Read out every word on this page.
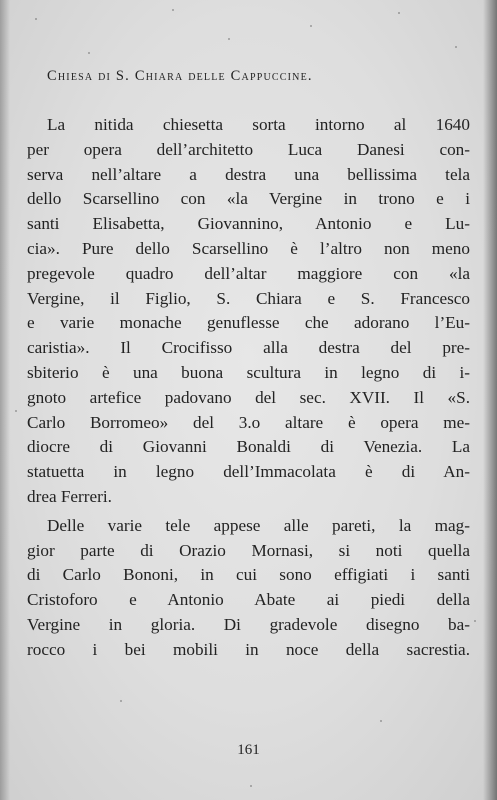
Chiesa di S. Chiara delle Cappuccine.
La nitida chiesetta sorta intorno al 1640
per opera dell’architetto Luca Danesi con-
serva nell’altare a destra una bellissima tela
dello Scarsellino con «la Vergine in trono e i
santi Elisabetta, Giovannino, Antonio e Lu-
cia». Pure dello Scarsellino è l’altro non meno
pregevole quadro dell’altar maggiore con «la
Vergine, il Figlio, S. Chiara e S. Francesco
e varie monache genuflesse che adorano l’Eu-
caristia». Il Crocifisso alla destra del pre-
sbiterio è una buona scultura in legno di i-
gnoto artefice padovano del sec. XVII. Il «S.
Carlo Borromeo» del 3.o altare è opera me-
diocre di Giovanni Bonaldi di Venezia. La
statuetta in legno dell’Immacolata è di An-
drea Ferreri.
Delle varie tele appese alle pareti, la mag-
gior parte di Orazio Mornasi, si noti quella
di Carlo Bononi, in cui sono effigiati i santi
Cristoforo e Antonio Abate ai piedi della
Vergine in gloria. Di gradevole disegno ba-
rocco i bei mobili in noce della sacrestia.
161
